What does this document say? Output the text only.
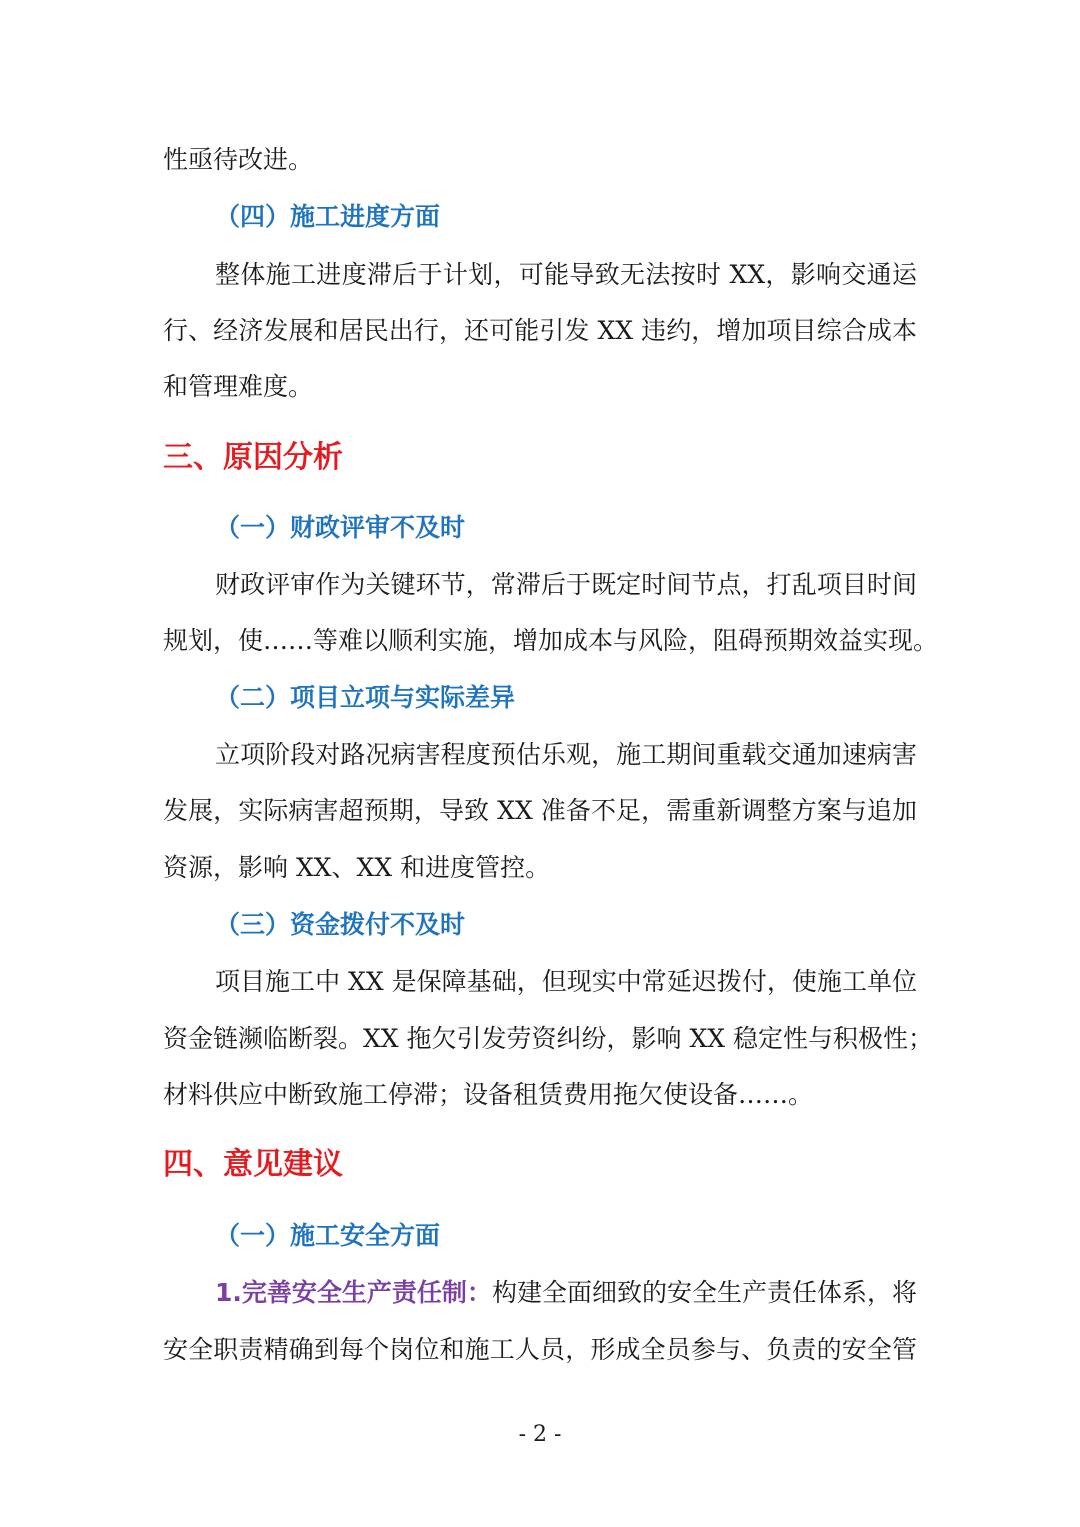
性亟待改进。
（四）施工进度方面
整体施工进度滞后于计划，可能导致无法按时 XX，影响交通运
行、经济发展和居民出行，还可能引发 XX 违约，增加项目综合成本
和管理难度。
三、原因分析
（一）财政评审不及时
财政评审作为关键环节，常滞后于既定时间节点，打乱项目时间
规划，使……等难以顺利实施，增加成本与风险，阻碍预期效益实现。
（二）项目立项与实际差异
立项阶段对路况病害程度预估乐观，施工期间重载交通加速病害
发展，实际病害超预期，导致 XX 准备不足，需重新调整方案与追加
资源，影响 XX、XX 和进度管控。
（三）资金拨付不及时
项目施工中 XX 是保障基础，但现实中常延迟拨付，使施工单位
资金链濒临断裂。XX 拖欠引发劳资纠纷，影响 XX 稳定性与积极性；
材料供应中断致施工停滞；设备租赁费用拖欠使设备……。
四、意见建议
（一）施工安全方面
1.完善安全生产责任制：构建全面细致的安全生产责任体系，将
安全职责精确到每个岗位和施工人员，形成全员参与、负责的安全管
- 2 -
